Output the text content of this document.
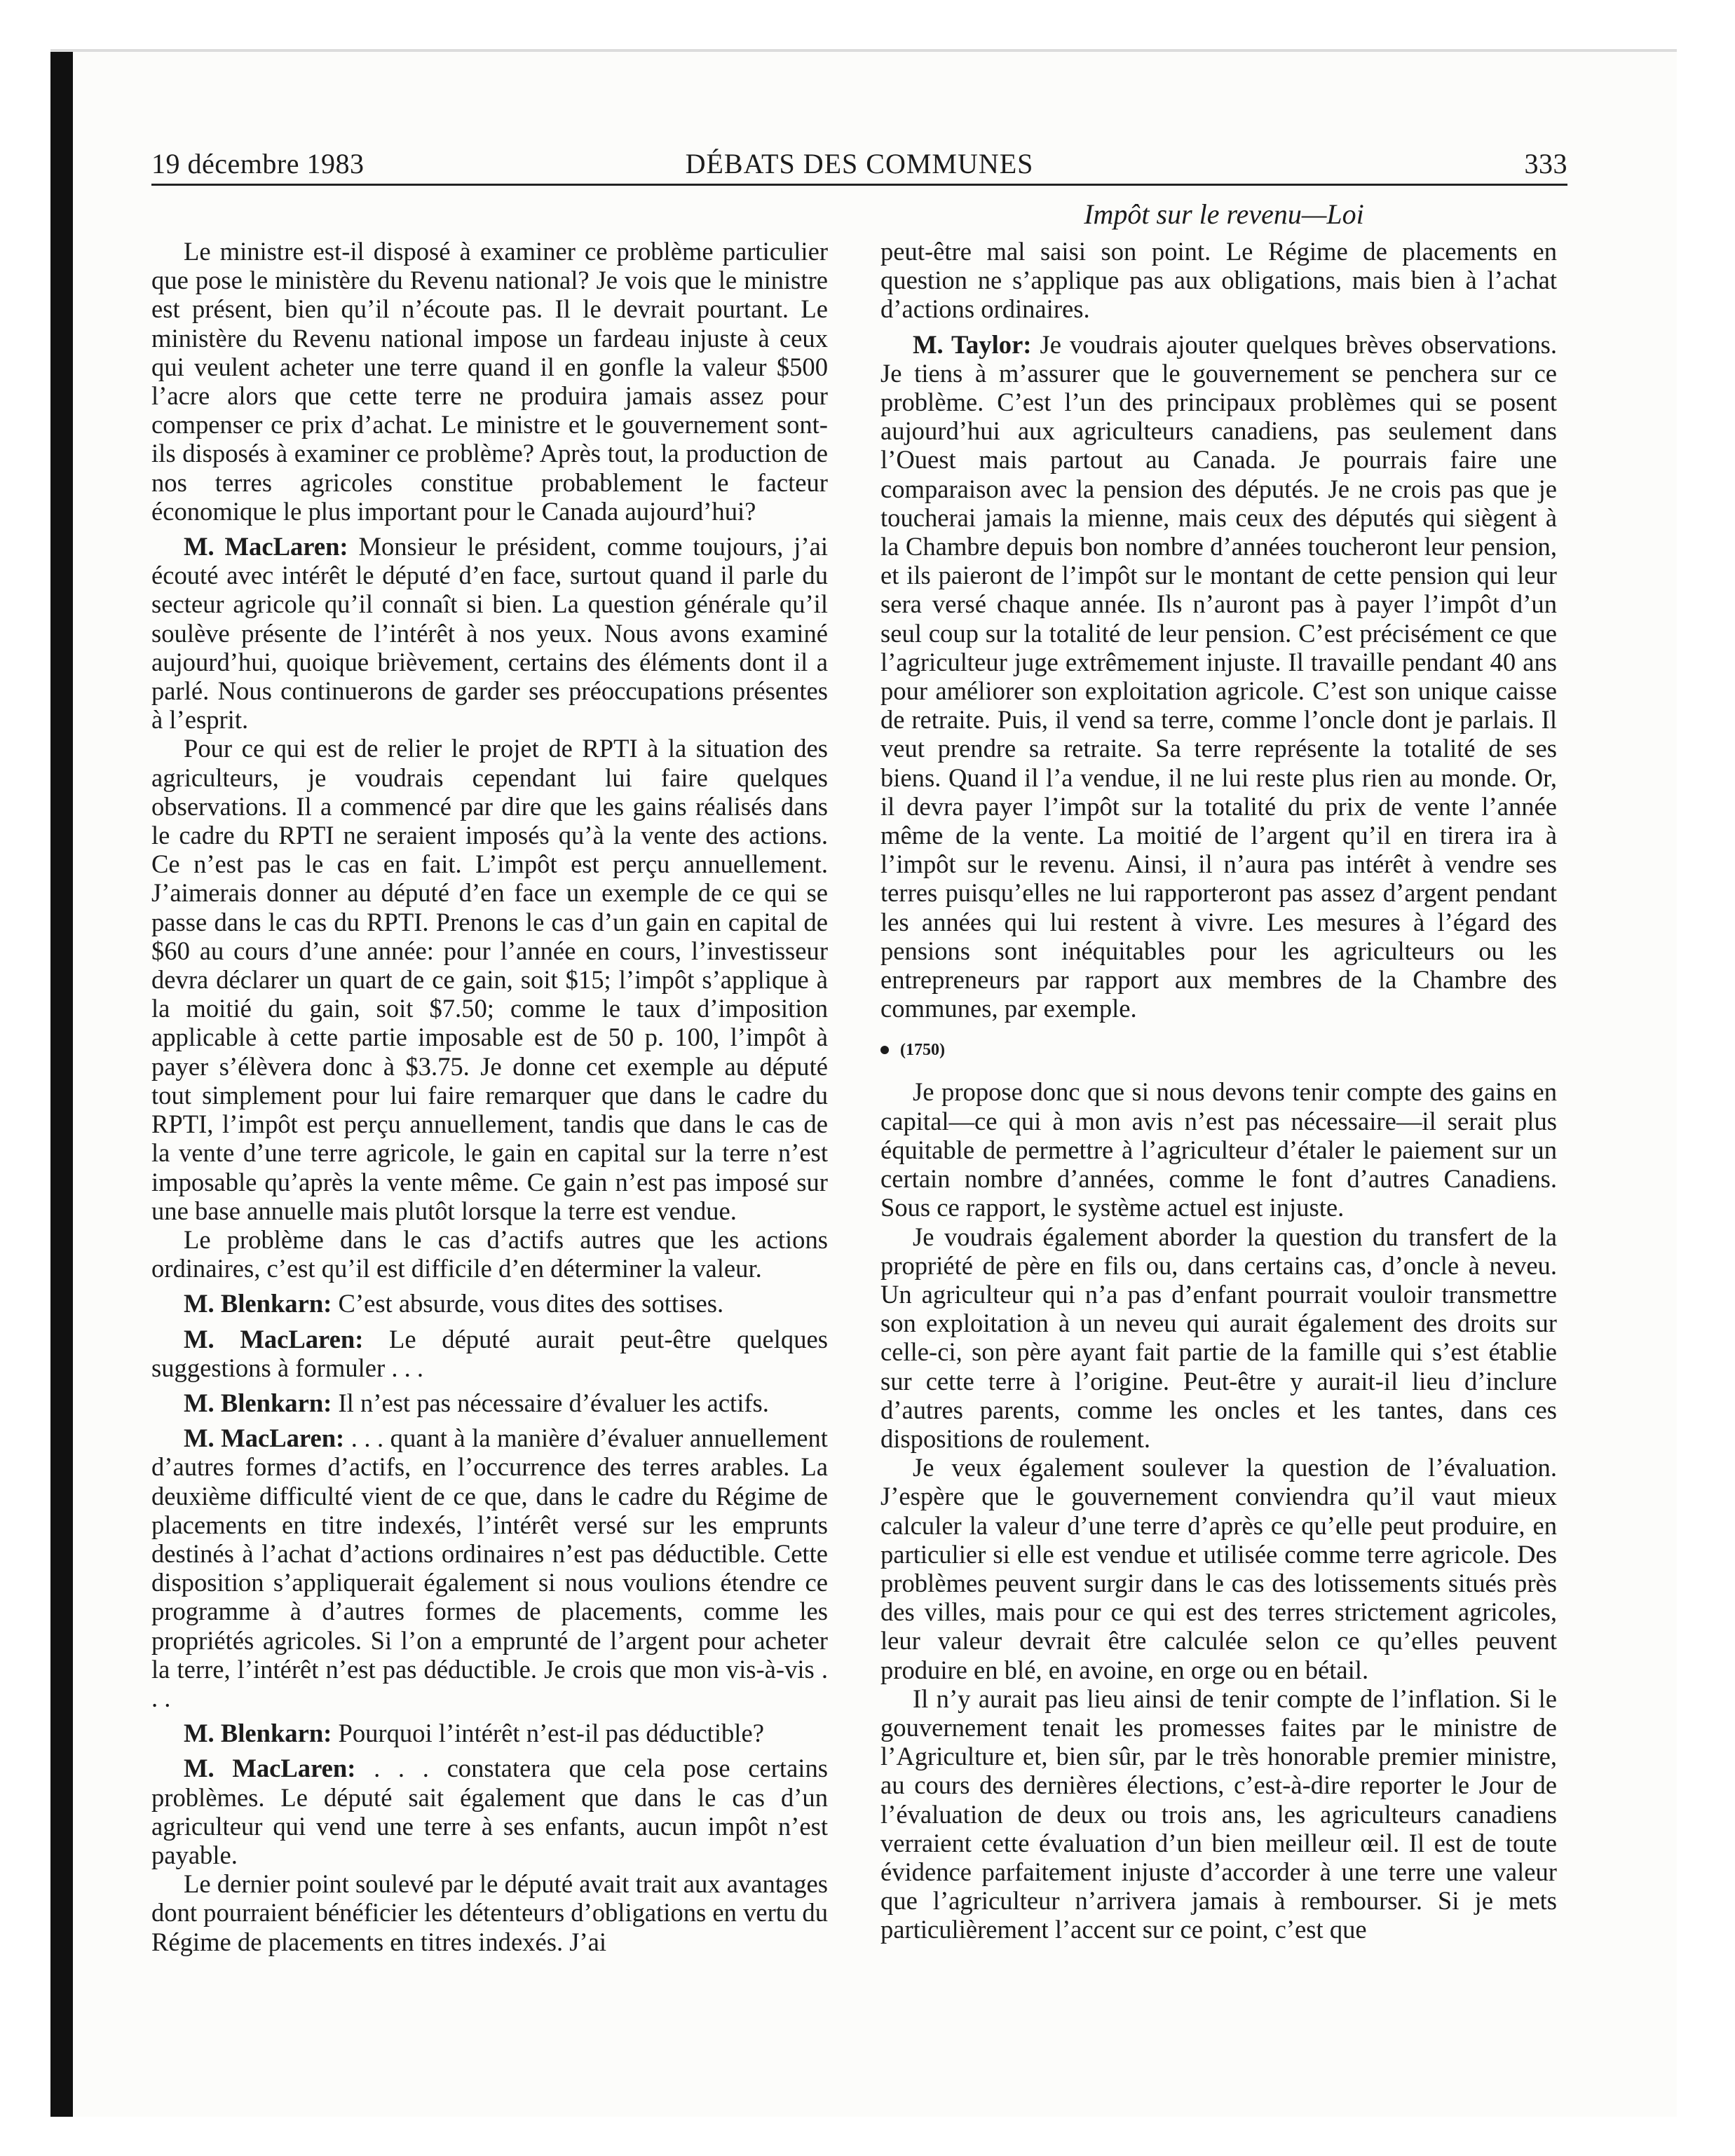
19 décembre 1983	DÉBATS DES COMMUNES	333
Impôt sur le revenu—Loi

Le ministre est-il disposé à examiner ce problème particulier que pose le ministère du Revenu national? Je vois que le ministre est présent, bien qu’il n’écoute pas. Il le devrait pourtant. Le ministère du Revenu national impose un fardeau injuste à ceux qui veulent acheter une terre quand il en gonfle la valeur $500 l’acre alors que cette terre ne produira jamais assez pour compenser ce prix d’achat. Le ministre et le gouvernement sont-ils disposés à examiner ce problème? Après tout, la production de nos terres agricoles constitue probablement le facteur économique le plus important pour le Canada aujourd’hui?

M. MacLaren: Monsieur le président, comme toujours, j’ai écouté avec intérêt le député d’en face, surtout quand il parle du secteur agricole qu’il connaît si bien. La question générale qu’il soulève présente de l’intérêt à nos yeux. Nous avons examiné aujourd’hui, quoique brièvement, certains des éléments dont il a parlé. Nous continuerons de garder ses préoccupations présentes à l’esprit.

Pour ce qui est de relier le projet de RPTI à la situation des agriculteurs, je voudrais cependant lui faire quelques observations. Il a commencé par dire que les gains réalisés dans le cadre du RPTI ne seraient imposés qu’à la vente des actions. Ce n’est pas le cas en fait. L’impôt est perçu annuellement. J’aimerais donner au député d’en face un exemple de ce qui se passe dans le cas du RPTI. Prenons le cas d’un gain en capital de $60 au cours d’une année: pour l’année en cours, l’investisseur devra déclarer un quart de ce gain, soit $15; l’impôt s’applique à la moitié du gain, soit $7.50; comme le taux d’imposition applicable à cette partie imposable est de 50 p. 100, l’impôt à payer s’élèvera donc à $3.75. Je donne cet exemple au député tout simplement pour lui faire remarquer que dans le cadre du RPTI, l’impôt est perçu annuellement, tandis que dans le cas de la vente d’une terre agricole, le gain en capital sur la terre n’est imposable qu’après la vente même. Ce gain n’est pas imposé sur une base annuelle mais plutôt lorsque la terre est vendue.

Le problème dans le cas d’actifs autres que les actions ordinaires, c’est qu’il est difficile d’en déterminer la valeur.

M. Blenkarn: C’est absurde, vous dites des sottises.

M. MacLaren: Le député aurait peut-être quelques suggestions à formuler . . .

M. Blenkarn: Il n’est pas nécessaire d’évaluer les actifs.

M. MacLaren: . . . quant à la manière d’évaluer annuellement d’autres formes d’actifs, en l’occurrence des terres arables. La deuxième difficulté vient de ce que, dans le cadre du Régime de placements en titre indexés, l’intérêt versé sur les emprunts destinés à l’achat d’actions ordinaires n’est pas déductible. Cette disposition s’appliquerait également si nous voulions étendre ce programme à d’autres formes de placements, comme les propriétés agricoles. Si l’on a emprunté de l’argent pour acheter la terre, l’intérêt n’est pas déductible. Je crois que mon vis-à-vis . . .

M. Blenkarn: Pourquoi l’intérêt n’est-il pas déductible?

M. MacLaren: . . . constatera que cela pose certains problèmes. Le député sait également que dans le cas d’un agriculteur qui vend une terre à ses enfants, aucun impôt n’est payable.

Le dernier point soulevé par le député avait trait aux avantages dont pourraient bénéficier les détenteurs d’obligations en vertu du Régime de placements en titres indexés. J’ai

peut-être mal saisi son point. Le Régime de placements en question ne s’applique pas aux obligations, mais bien à l’achat d’actions ordinaires.

M. Taylor: Je voudrais ajouter quelques brèves observations. Je tiens à m’assurer que le gouvernement se penchera sur ce problème. C’est l’un des principaux problèmes qui se posent aujourd’hui aux agriculteurs canadiens, pas seulement dans l’Ouest mais partout au Canada. Je pourrais faire une comparaison avec la pension des députés. Je ne crois pas que je toucherai jamais la mienne, mais ceux des députés qui siègent à la Chambre depuis bon nombre d’années toucheront leur pension, et ils paieront de l’impôt sur le montant de cette pension qui leur sera versé chaque année. Ils n’auront pas à payer l’impôt d’un seul coup sur la totalité de leur pension. C’est précisément ce que l’agriculteur juge extrêmement injuste. Il travaille pendant 40 ans pour améliorer son exploitation agricole. C’est son unique caisse de retraite. Puis, il vend sa terre, comme l’oncle dont je parlais. Il veut prendre sa retraite. Sa terre représente la totalité de ses biens. Quand il l’a vendue, il ne lui reste plus rien au monde. Or, il devra payer l’impôt sur la totalité du prix de vente l’année même de la vente. La moitié de l’argent qu’il en tirera ira à l’impôt sur le revenu. Ainsi, il n’aura pas intérêt à vendre ses terres puisqu’elles ne lui rapporteront pas assez d’argent pendant les années qui lui restent à vivre. Les mesures à l’égard des pensions sont inéquitables pour les agriculteurs ou les entrepreneurs par rapport aux membres de la Chambre des communes, par exemple.

(1750)

Je propose donc que si nous devons tenir compte des gains en capital—ce qui à mon avis n’est pas nécessaire—il serait plus équitable de permettre à l’agriculteur d’étaler le paiement sur un certain nombre d’années, comme le font d’autres Canadiens. Sous ce rapport, le système actuel est injuste.

Je voudrais également aborder la question du transfert de la propriété de père en fils ou, dans certains cas, d’oncle à neveu. Un agriculteur qui n’a pas d’enfant pourrait vouloir transmettre son exploitation à un neveu qui aurait également des droits sur celle-ci, son père ayant fait partie de la famille qui s’est établie sur cette terre à l’origine. Peut-être y aurait-il lieu d’inclure d’autres parents, comme les oncles et les tantes, dans ces dispositions de roulement.

Je veux également soulever la question de l’évaluation. J’espère que le gouvernement conviendra qu’il vaut mieux calculer la valeur d’une terre d’après ce qu’elle peut produire, en particulier si elle est vendue et utilisée comme terre agricole. Des problèmes peuvent surgir dans le cas des lotissements situés près des villes, mais pour ce qui est des terres strictement agricoles, leur valeur devrait être calculée selon ce qu’elles peuvent produire en blé, en avoine, en orge ou en bétail.

Il n’y aurait pas lieu ainsi de tenir compte de l’inflation. Si le gouvernement tenait les promesses faites par le ministre de l’Agriculture et, bien sûr, par le très honorable premier ministre, au cours des dernières élections, c’est-à-dire reporter le Jour de l’évaluation de deux ou trois ans, les agriculteurs canadiens verraient cette évaluation d’un bien meilleur œil. Il est de toute évidence parfaitement injuste d’accorder à une terre une valeur que l’agriculteur n’arrivera jamais à rembourser. Si je mets particulièrement l’accent sur ce point, c’est que
